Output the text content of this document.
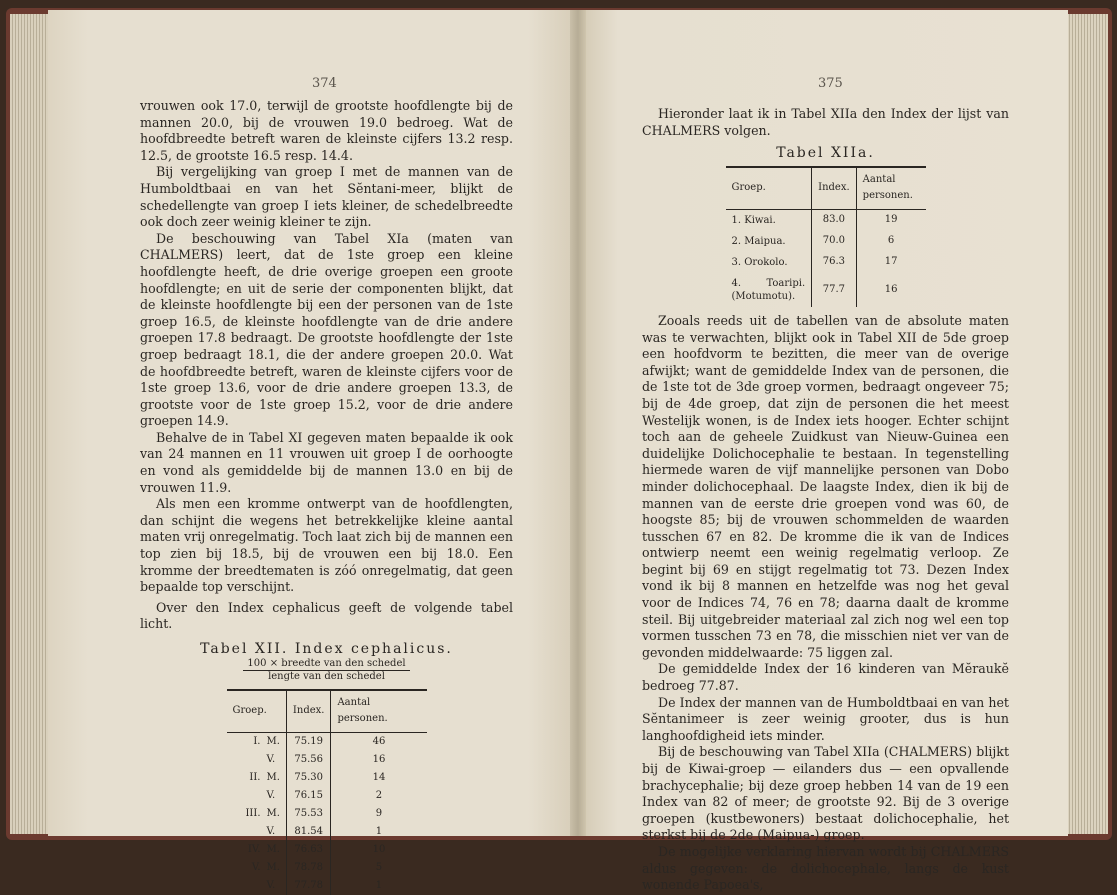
374

vrouwen ook 17.0, terwijl de grootste hoofdlengte bij de mannen 20.0, bij de vrouwen 19.0 bedroeg. Wat de hoofdbreedte betreft waren de kleinste cijfers 13.2 resp. 12.5, de grootste 16.5 resp. 14.4.

Bij vergelijking van groep I met de mannen van de Humboldtbaai en van het Sĕntani-meer, blijkt de schedellengte van groep I iets kleiner, de schedelbreedte ook doch zeer weinig kleiner te zijn.

De beschouwing van Tabel XIa (maten van CHALMERS) leert, dat de 1ste groep een kleine hoofdlengte heeft, de drie overige groepen een groote hoofdlengte; en uit de serie der componenten blijkt, dat de kleinste hoofdlengte bij een der personen van de 1ste groep 16.5, de kleinste hoofdlengte van de drie andere groepen 17.8 bedraagt. De grootste hoofdlengte der 1ste groep bedraagt 18.1, die der andere groepen 20.0. Wat de hoofdbreedte betreft, waren de kleinste cijfers voor de 1ste groep 13.6, voor de drie andere groepen 13.3, de grootste voor de 1ste groep 15.2, voor de drie andere groepen 14.9.

Behalve de in Tabel XI gegeven maten bepaalde ik ook van 24 mannen en 11 vrouwen uit groep I de oorhoogte en vond als gemiddelde bij de mannen 13.0 en bij de vrouwen 11.9.

Als men een kromme ontwerpt van de hoofdlengten, dan schijnt die wegens het betrekkelijke kleine aantal maten vrij onregelmatig. Toch laat zich bij de mannen een top zien bij 18.5, bij de vrouwen een bij 18.0. Een kromme der breedtematen is zóó onregelmatig, dat geen bepaalde top verschijnt.

Over den Index cephalicus geeft de volgende tabel licht.

Tabel XII. Index cephalicus.
100 × breedte van den schedel
lengte van den schedel
Groep.	Index.	Aantal personen.
I. M.	75.19	46
V.	75.56	16
II. M.	75.30	14
V.	76.15	2
III. M.	75.53	9
V.	81.54	1
IV. M.	76.63	10
V. M.	78.78	5
V.	77.78	1
375

Hieronder laat ik in Tabel XIIa den Index der lijst van CHALMERS volgen.

Tabel XIIa.
Groep.	Index.	Aantal personen.
1. Kiwai.	83.0	19
2. Maipua.	70.0	6
3. Orokolo.	76.3	17
4. Toaripi. (Motumotu).	77.7	16

Zooals reeds uit de tabellen van de absolute maten was te verwachten, blijkt ook in Tabel XII de 5de groep een hoofdvorm te bezitten, die meer van de overige afwijkt; want de gemiddelde Index van de personen, die de 1ste tot de 3de groep vormen, bedraagt ongeveer 75; bij de 4de groep, dat zijn de personen die het meest Westelijk wonen, is de Index iets hooger. Echter schijnt toch aan de geheele Zuidkust van Nieuw-Guinea een duidelijke Dolichocephalie te bestaan. In tegenstelling hiermede waren de vijf mannelijke personen van Dobo minder dolichocephaal. De laagste Index, dien ik bij de mannen van de eerste drie groepen vond was 60, de hoogste 85; bij de vrouwen schommelden de waarden tusschen 67 en 82. De kromme die ik van de Indices ontwierp neemt een weinig regelmatig verloop. Ze begint bij 69 en stijgt regelmatig tot 73. Dezen Index vond ik bij 8 mannen en hetzelfde was nog het geval voor de Indices 74, 76 en 78; daarna daalt de kromme steil. Bij uitgebreider materiaal zal zich nog wel een top vormen tusschen 73 en 78, die misschien niet ver van de gevonden middelwaarde: 75 liggen zal.

De gemiddelde Index der 16 kinderen van Mĕraukĕ bedroeg 77.87.

De Index der mannen van de Humboldtbaai en van het Sĕntanimeer is zeer weinig grooter, dus is hun langhoofdigheid iets minder.

Bij de beschouwing van Tabel XIIa (CHALMERS) blijkt bij de Kiwai-groep — eilanders dus — een opvallende brachycephalie; bij deze groep hebben 14 van de 19 een Index van 82 of meer; de grootste 92. Bij de 3 overige groepen (kustbewoners) bestaat dolichocephalie, het sterkst bij de 2de (Maipua-) groep.

De mogelijke verklaring hiervan wordt bij CHALMERS aldus gegeven: de dolichocephale, langs de kust wonende Papoea's,
